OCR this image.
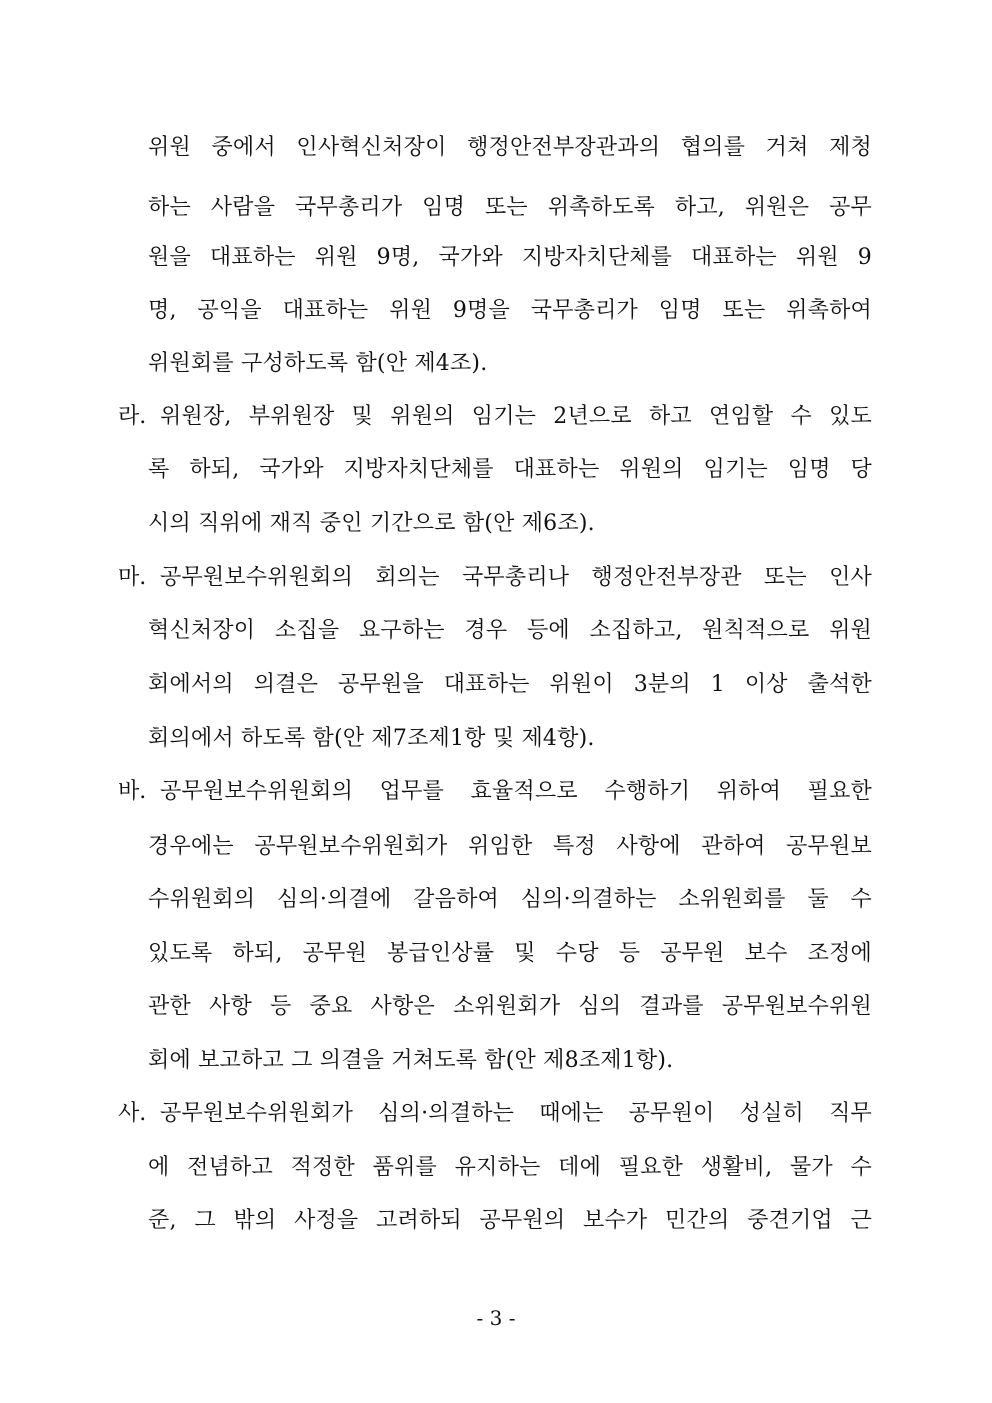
위원 중에서 인사혁신처장이 행정안전부장관과의 협의를 거쳐 제청
하는 사람을 국무총리가 임명 또는 위촉하도록 하고, 위원은 공무
원을 대표하는 위원 9명, 국가와 지방자치단체를 대표하는 위원 9
명, 공익을 대표하는 위원 9명을 국무총리가 임명 또는 위촉하여
위원회를 구성하도록 함(안 제4조).
라. 위원장, 부위원장 및 위원의 임기는 2년으로 하고 연임할 수 있도
록 하되, 국가와 지방자치단체를 대표하는 위원의 임기는 임명 당
시의 직위에 재직 중인 기간으로 함(안 제6조).
마. 공무원보수위원회의 회의는 국무총리나 행정안전부장관 또는 인사
혁신처장이 소집을 요구하는 경우 등에 소집하고, 원칙적으로 위원
회에서의 의결은 공무원을 대표하는 위원이 3분의 1 이상 출석한
회의에서 하도록 함(안 제7조제1항 및 제4항).
바. 공무원보수위원회의 업무를 효율적으로 수행하기 위하여 필요한
경우에는 공무원보수위원회가 위임한 특정 사항에 관하여 공무원보
수위원회의 심의·의결에 갈음하여 심의·의결하는 소위원회를 둘 수
있도록 하되, 공무원 봉급인상률 및 수당 등 공무원 보수 조정에
관한 사항 등 중요 사항은 소위원회가 심의 결과를 공무원보수위원
회에 보고하고 그 의결을 거쳐도록 함(안 제8조제1항).
사. 공무원보수위원회가 심의·의결하는 때에는 공무원이 성실히 직무
에 전념하고 적정한 품위를 유지하는 데에 필요한 생활비, 물가 수
준, 그 밖의 사정을 고려하되 공무원의 보수가 민간의 중견기업 근
- 3 -
